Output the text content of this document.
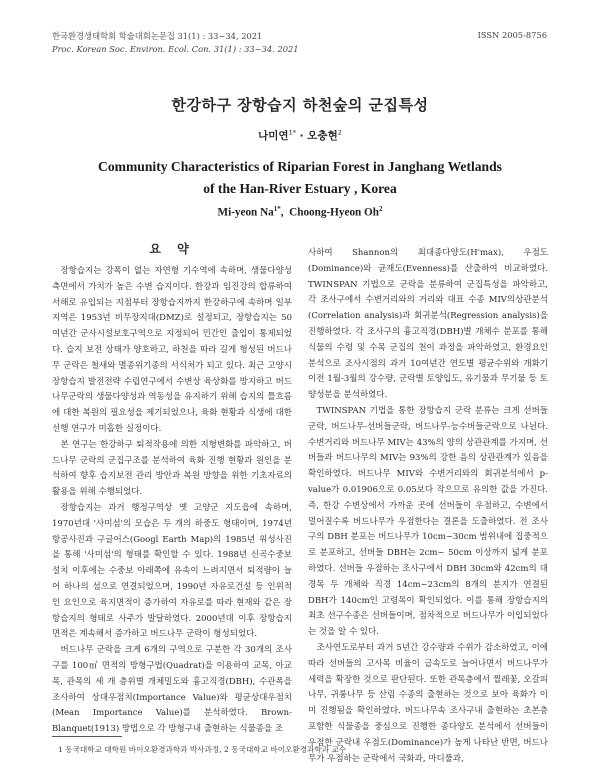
한국환경생태학회 학술대회논문집 31(1) : 33~34, 2021
Proc. Korean Soc. Environ. Ecol. Con. 31(1) : 33~34. 2021
ISSN 2005-8756
한강하구 장항습지 하천숲의 군집특성
나미연$^{1*}$ · 오충현$^2$
Community Characteristics of Riparian Forest in Janghang Wetlands
of the Han-River Estuary , Korea
Mi-yeon $Na^{1*}$,  Choong-Hyeon Oh$^2$
요 약

장항습지는 강폭이 없는 자연형 기수역에 속하며, 생물다양성 측면에서 가치가 높은 수변 습지이다. 한강과 임진강의 합류하여 서해로 유입되는 지점부터 장항습지까지 한강하구에 속하며 일부지역은 1953년 비무장지대(DMZ)로 설정되고, 장항습지는 50여년간 군사시설보호구역으로 지정되어 민간인 출입이 통제되었다. 습지 보전 상태가 양호하고, 하천을 따라 길게 형성된 버드나무 군락은 철새와 멸종위기종의 서식처가 되고 있다. 최근 고양시 장항습지 발전전략 수립연구에서 수변상 육상화를 방지하고 버드나무군락의 생물다양성과 역동성을 유지하기 위해 습지의 틀흐름에 대한 복원의 필요성을 제기되었으나, 육화 현황과 식생에 대한 선행 연구가 미흡한 실정이다.

본 연구는 한강하구 퇴적작용에 의한 지형변화를 파악하고, 버드나무 군락의 군집구조를 분석하여 육화 진행 현황과 원인을 분석하여 향후 습지보전 관리 방안과 복원 방향을 위한 기초자료의 활용을 위해 수행되었다.

장항습지는 과거 행정구역상 옛 고양군 지도읍에 속하며, 1970년대 '사미섬'의 모습은 두 개의 하중도 형태이며, 1974년 항공사진과 구글어스(Googl Earth Map)의 1985년 위성사진을 통해 '사미섬'의 형태를 확인할 수 있다. 1988년 신곡수중보 설치 이후에는 수중보 아래쪽에 유속이 느려지면서 퇴적량이 늘어 하나의 섬으로 연결되었으며, 1990년 자유로건설 등 인위적인 요인으로 육지면적이 증가하여 자유로를 따라 현재와 같은 장항습지의 형태로 사주가 발달하였다. 2000년대 이후 장항습지 면적은 계속해서 증가하고 버드나무 군락이 형성되었다.

버드나무 군락을 크게 6개의 구역으로 구분한 각 30개의 조사구를 100㎡ 면적의 방형구법(Quadrat)을 이용하여 교목, 아교목, 관목의 세 개 층위별 개체밀도와 흉고직경(DBH), 수관폭을 조사하여 상대우점치(Importance Value)와 평균상대우점치(Mean Importance Value)를 분석하였다. Brown-Blanquet(1913) 방법으로 각 방형구내 출현하는 식물종을 조

사하여 Shannon의 최대종다양도(H'max), 우점도(Dominance)와 균재도(Evenness)를 산출하여 비교하였다. TWINSPAN 기법으로 군락을 분류하여 군집특성을 파악하고, 각 조사구에서 수변거리와의 거리와 대표 수종 MIV의상관분석(Correlation analysis)과 회귀분석(Regression analysis)을 진행하였다. 각 조사구의 흉고직경(DBH)별 개체수 분포를 통해 식물의 수령 및 수목 군집의 천이 과정을 파악하였고, 환경요인 분석으로 조사시점의 과거 10여년간 연도별 평균수위와 개화기 이전 1월-3월의 강수량, 군락별 토양입도, 유기물과 무기물 등 토양성분을 분석하였다.

TWINSPAN 기법을 통한 장항습지 군락 분류는 크게 선버들군락, 버드나무-선버들군락, 버드나무-능수버들군락으로 나뉜다. 수변거리와 버드나무 MIV는 43%의 양의 상관관계를 가지며, 선버들과 버드나무의 MIV는 93%의 강한 음의 상관관계가 있음을 확인하였다. 버드나무 MIV와 수변거리와의 회귀분석에서 p-value가 0.01906으로 0.05보다 작으므로 유의한 값을 가진다. 즉, 한강 수변상에서 가까운 곳에 선버들이 우점하고, 수변에서 멀어질수록 버드나무가 우점한다는 결론을 도출하였다. 전 조사구의 DBH 분포는 버드나무가 10cm~30cm 범위내에 집중적으로 분포하고, 선버들 DBH는 2cm~ 50cm 이상까지 넓게 분포하였다. 선버들 우점하는 조사구에서 DBH 30cm와 42cm의 대경목 두 개체와 직경 14cm~23cm의 8개의 분지가 연결된 DBH가 140cm인 고령목이 확인되었다. 이를 통해 장항습지의 최초 선구수종은 선버들이며, 점차적으로 버드나무가 이입되었다는 것을 알 수 있다.

조사연도로부터 과거 5년간 강수량과 수위가 감소하였고, 이에 따라 선버들의 고사목 비율이 급속도로 늘어나면서 버드나무가 세력을 확장한 것으로 판단된다. 또한 관목층에서 찔레꽃, 오갈피나무, 귀룽나무 등 산림 수종의 출현하는 것으로 보아 육화가 이미 진행됨을 확인하였다. 버드나무속 조사구내 출현하는 초본층 포함한 식물종을 중심으로 진행한 종다양도 분석에서 선버들이 우점한 군락내 우점도(Dominance)가 높게 나타난 반면, 버드나무가 우점하는 군락에서 국화과, 마디풀과,

1 동국대학교 대학원 바이오환경과학과 박사과정, 2 동국대학교 바이오환경과학과 교수
